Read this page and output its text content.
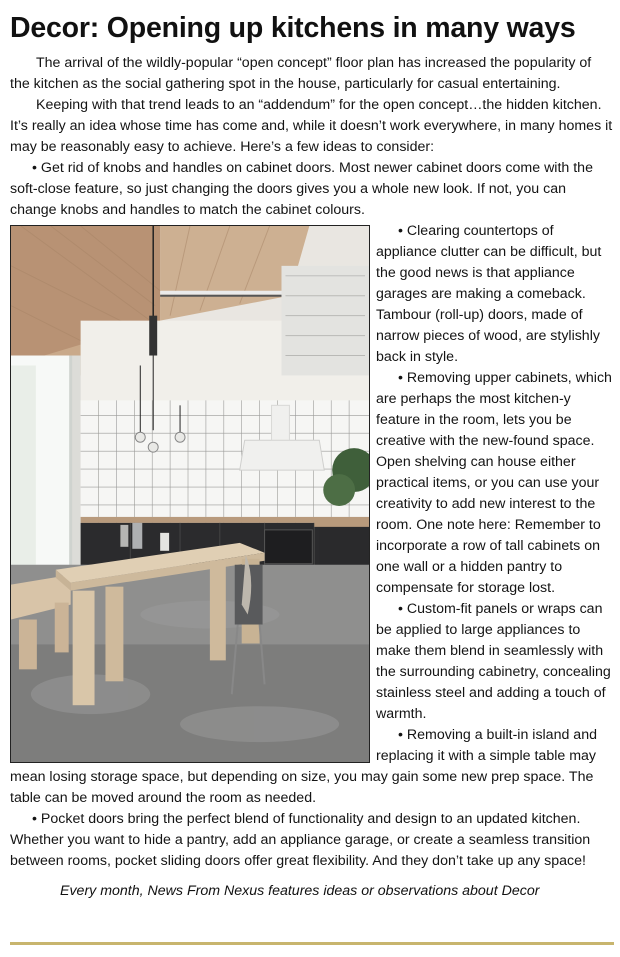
Decor: Opening up kitchens in many ways

The arrival of the wildly-popular “open concept” floor plan has increased the popularity of the kitchen as the social gathering spot in the house, particularly for casual entertaining.

Keeping with that trend leads to an “addendum” for the open concept…the hidden kitchen. It’s really an idea whose time has come and, while it doesn’t work everywhere, in many homes it may be reasonably easy to achieve. Here’s a few ideas to consider:

• Get rid of knobs and handles on cabinet doors. Most newer cabinet doors come with the soft-close feature, so just changing the doors gives you a whole new look. If not, you can change knobs and handles to match the cabinet colours.

• Clearing countertops of appliance clutter can be difficult, but the good news is that appliance garages are making a comeback. Tambour (roll-up) doors, made of narrow pieces of wood, are stylishly back in style.

• Removing upper cabinets, which are perhaps the most kitchen-y feature in the room, lets you be creative with the new-found space. Open shelving can house either practical items, or you can use your creativity to add new interest to the room. One note here: Remember to incorporate a row of tall cabinets on one wall or a hidden pantry to compensate for storage lost.

• Custom-fit panels or wraps can be applied to large appliances to make them blend in seamlessly with the surrounding cabinetry, concealing stainless steel and adding a touch of warmth.

• Removing a built-in island and replacing it with a simple table may mean losing storage space, but depending on size, you may gain some new prep space. The table can be moved around the room as needed.

• Pocket doors bring the perfect blend of functionality and design to an updated kitchen. Whether you want to hide a pantry, add an appliance garage, or create a seamless transition between rooms, pocket sliding doors offer great flexibility. And they don’t take up any space!

Every month, News From Nexus features ideas or observations about Decor
